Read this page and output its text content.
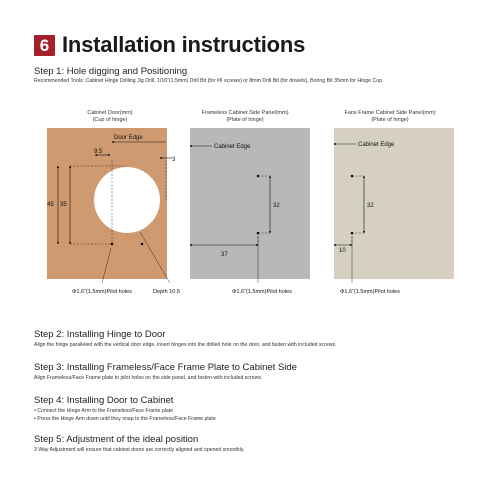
6 Installation instructions
Step 1: Hole digging and Positioning
Recommended Tools: Cabinet Hinge Drilling Jig Drill, 1/16"(1.5mm) Drill Bit (for #6 screws) or 8mm Drill Bit (for dowels), Boring Bit 35mm for Hinge Cup
Cabinet Door(mm)
(Cup of hinge)
Frameless Cabinet Side Panel(mm)
(Plate of hinge)
Face Frame Cabinet Side Panel(mm)
(Plate of hinge)
Door Edge
9.5
3
45 35
Φ1.6"(1.5mm)Pilot holes	Depth 10.5
Cabinet Edge
32
37
Φ1.6"(1.5mm)Pilot holes
Cabinet Edge
32
10
Φ1.6"(1.5mm)Pilot holes
Step 2: Installing Hinge to Door
Align the hinge paralleled with the vertical door edge, insert hinges into the drilled hole on the door, and fasten with included screws.
Step 3: Installing Frameless/Face Frame Plate to Cabinet Side
Align Frameless/Face Frame plate to pilot holes on the side panel, and fasten with included screws.
Step 4: Installing Door to Cabinet
• Connect the Hinge Arm to the Frameless/Face Frame plate
• Press the Hinge Arm down until they snap to the Frameless/Face Frame plate
Step 5: Adjustment of the ideal position
3 Way Adjustment will ensure that cabinet doors are correctly aligned and opened smoothly.
